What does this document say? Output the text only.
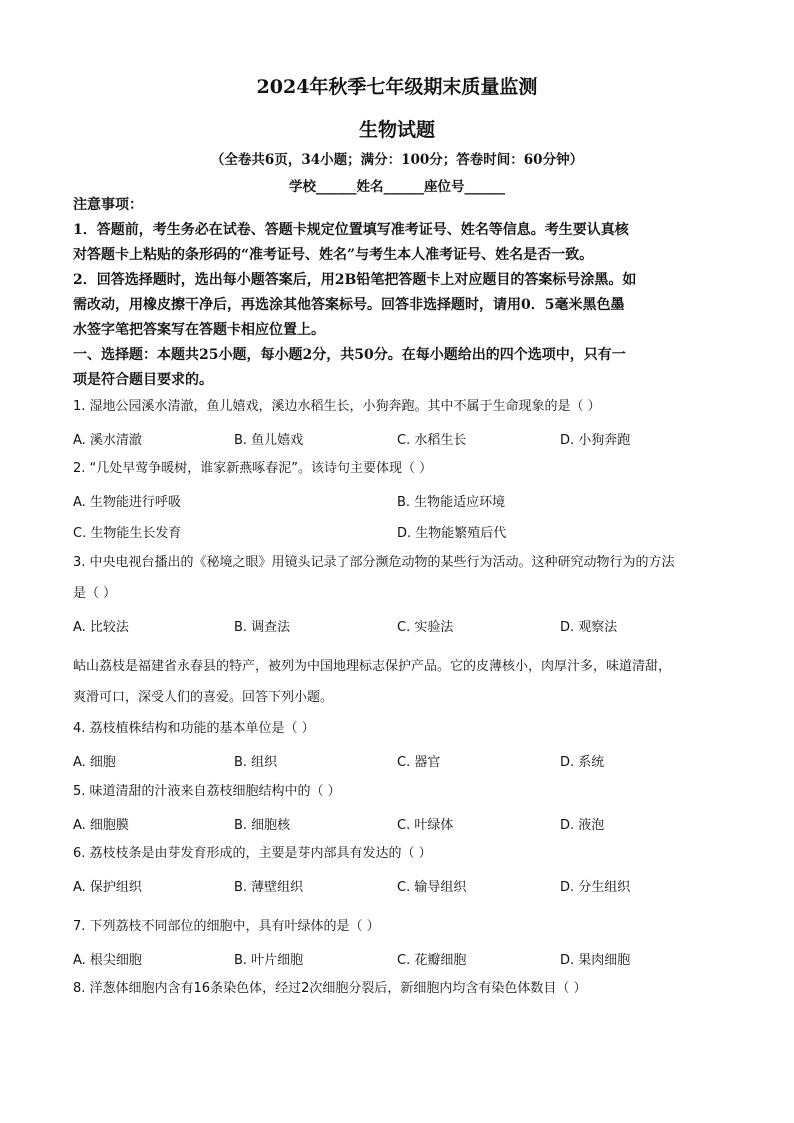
2024年秋季七年级期末质量监测
生物试题
（全卷共6页，34小题；满分：100分；答卷时间：60分钟）
学校______姓名______座位号______
注意事项：
1．答题前，考生务必在试卷、答题卡规定位置填写准考证号、姓名等信息。考生要认真核
对答题卡上粘贴的条形码的“准考证号、姓名”与考生本人准考证号、姓名是否一致。
2．回答选择题时，选出每小题答案后，用2B铅笔把答题卡上对应题目的答案标号涂黑。如
需改动，用橡皮擦干净后，再选涂其他答案标号。回答非选择题时，请用0．5毫米黑色墨
水签字笔把答案写在答题卡相应位置上。
一、选择题：本题共25小题，每小题2分，共50分。在每小题给出的四个选项中，只有一
项是符合题目要求的。
1. 湿地公园溪水清澈，鱼儿嬉戏，溪边水稻生长，小狗奔跑。其中不属于生命现象的是（ ）
A. 溪水清澈	B. 鱼儿嬉戏	C. 水稻生长	D. 小狗奔跑
2. “几处早莺争暖树，谁家新燕啄春泥”。该诗句主要体现（ ）
A. 生物能进行呼吸	B. 生物能适应环境
C. 生物能生长发育	D. 生物能繁殖后代
3. 中央电视台播出的《秘境之眼》用镜头记录了部分濒危动物的某些行为活动。这种研究动物行为的方法
是（ ）
A. 比较法	B. 调查法	C. 实验法	D. 观察法
岵山荔枝是福建省永春县的特产，被列为中国地理标志保护产品。它的皮薄核小，肉厚汁多，味道清甜，
爽滑可口，深受人们的喜爱。回答下列小题。
4. 荔枝植株结构和功能的基本单位是（ ）
A. 细胞	B. 组织	C. 器官	D. 系统
5. 味道清甜的汁液来自荔枝细胞结构中的（ ）
A. 细胞膜	B. 细胞核	C. 叶绿体	D. 液泡
6. 荔枝枝条是由芽发育形成的，主要是芽内部具有发达的（ ）
A. 保护组织	B. 薄壁组织	C. 输导组织	D. 分生组织
7. 下列荔枝不同部位的细胞中，具有叶绿体的是（ ）
A. 根尖细胞	B. 叶片细胞	C. 花瓣细胞	D. 果肉细胞
8. 洋葱体细胞内含有16条染色体，经过2次细胞分裂后，新细胞内均含有染色体数目（ ）
